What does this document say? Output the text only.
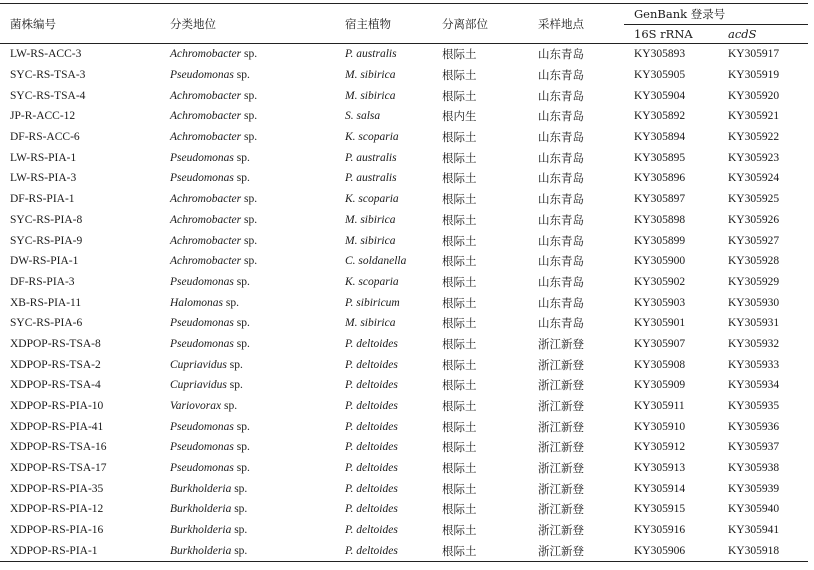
菌株编号	分类地位	宿主植物	分离部位	采样地点	GenBank 登录号	
					16S rRNA	acdS
LW-RS-ACC-3	Achromobacter sp.	P. australis	根际土	山东青岛	KY305893	KY305917
SYC-RS-TSA-3	Pseudomonas sp.	M. sibirica	根际土	山东青岛	KY305905	KY305919
SYC-RS-TSA-4	Achromobacter sp.	M. sibirica	根际土	山东青岛	KY305904	KY305920
JP-R-ACC-12	Achromobacter sp.	S. salsa	根内生	山东青岛	KY305892	KY305921
DF-RS-ACC-6	Achromobacter sp.	K. scoparia	根际土	山东青岛	KY305894	KY305922
LW-RS-PIA-1	Pseudomonas sp.	P. australis	根际土	山东青岛	KY305895	KY305923
LW-RS-PIA-3	Pseudomonas sp.	P. australis	根际土	山东青岛	KY305896	KY305924
DF-RS-PIA-1	Achromobacter sp.	K. scoparia	根际土	山东青岛	KY305897	KY305925
SYC-RS-PIA-8	Achromobacter sp.	M. sibirica	根际土	山东青岛	KY305898	KY305926
SYC-RS-PIA-9	Achromobacter sp.	M. sibirica	根际土	山东青岛	KY305899	KY305927
DW-RS-PIA-1	Achromobacter sp.	C. soldanella	根际土	山东青岛	KY305900	KY305928
DF-RS-PIA-3	Pseudomonas sp.	K. scoparia	根际土	山东青岛	KY305902	KY305929
XB-RS-PIA-11	Halomonas sp.	P. sibiricum	根际土	山东青岛	KY305903	KY305930
SYC-RS-PIA-6	Pseudomonas sp.	M. sibirica	根际土	山东青岛	KY305901	KY305931
XDPOP-RS-TSA-8	Pseudomonas sp.	P. deltoides	根际土	浙江新登	KY305907	KY305932
XDPOP-RS-TSA-2	Cupriavidus sp.	P. deltoides	根际土	浙江新登	KY305908	KY305933
XDPOP-RS-TSA-4	Cupriavidus sp.	P. deltoides	根际土	浙江新登	KY305909	KY305934
XDPOP-RS-PIA-10	Variovorax sp.	P. deltoides	根际土	浙江新登	KY305911	KY305935
XDPOP-RS-PIA-41	Pseudomonas sp.	P. deltoides	根际土	浙江新登	KY305910	KY305936
XDPOP-RS-TSA-16	Pseudomonas sp.	P. deltoides	根际土	浙江新登	KY305912	KY305937
XDPOP-RS-TSA-17	Pseudomonas sp.	P. deltoides	根际土	浙江新登	KY305913	KY305938
XDPOP-RS-PIA-35	Burkholderia sp.	P. deltoides	根际土	浙江新登	KY305914	KY305939
XDPOP-RS-PIA-12	Burkholderia sp.	P. deltoides	根际土	浙江新登	KY305915	KY305940
XDPOP-RS-PIA-16	Burkholderia sp.	P. deltoides	根际土	浙江新登	KY305916	KY305941
XDPOP-RS-PIA-1	Burkholderia sp.	P. deltoides	根际土	浙江新登	KY305906	KY305918
